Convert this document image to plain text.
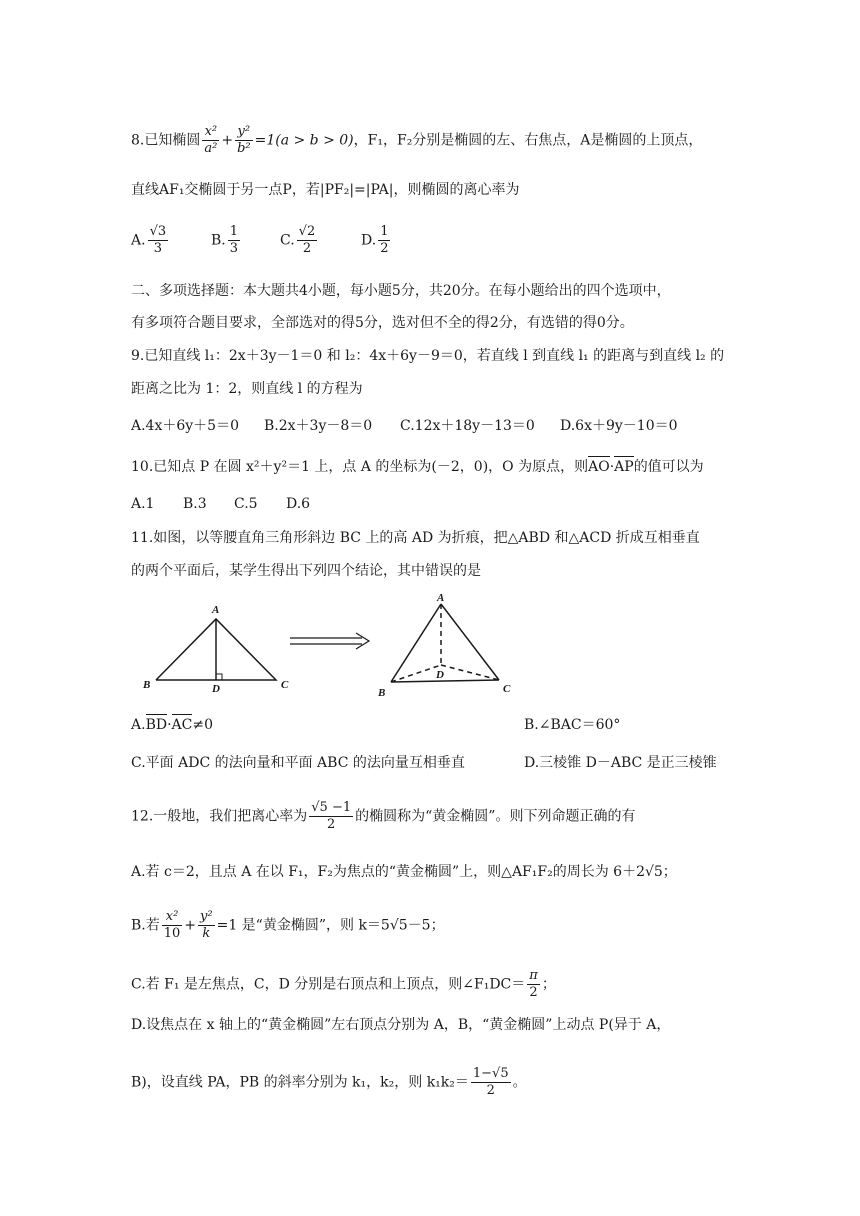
8.已知椭圆 $\frac{\text{x²}}{\text{a²}} + \frac{\text{y²}}{\text{b²}} =1(a > b > 0)$，F₁，F₂分别是椭圆的左、右焦点，A是椭圆的上顶点，
直线AF₁交椭圆于另一点P，若|PF₂|=|PA|，则椭圆的离心率为
A. $\frac{√3}{3}$	B. $\frac{1}{3}$	C. $\frac{√2}{2}$	D. $\frac{1}{2}$
二、多项选择题：本大题共4小题，每小题5分，共20分。在每小题给出的四个选项中，
有多项符合题目要求，全部选对的得5分，选对但不全的得2分，有选错的得0分。
9.已知直线 l₁：2x＋3y－1＝0 和 l₂：4x＋6y－9＝0，若直线 l 到直线 l₁ 的距离与到直线 l₂ 的
距离之比为 1：2，则直线 l 的方程为
A.4x＋6y＋5＝0 B.2x＋3y－8＝0 C.12x＋18y－13＝0 D.6x＋9y－10＝0
10.已知点 P 在圆 x²＋y²＝1 上，点 A 的坐标为(－2，0)，O 为原点，则AO·AP的值可以为
A.1 B.3 C.5 D.6
11.如图，以等腰直角三角形斜边 BC 上的高 AD 为折痕，把△ABD 和△ACD 折成互相垂直
的两个平面后，某学生得出下列四个结论，其中错误的是
A
B	C
D
A
B	C
D
A.BD·AC≠0	B.∠BAC＝60°
C.平面 ADC 的法向量和平面 ABC 的法向量互相垂直	D.三棱锥 D－ABC 是正三棱锥
12.一般地，我们把离心率为 $\frac{√5 -1}{2}$ 的椭圆称为“黄金椭圆”。则下列命题正确的有
A.若 c＝2，且点 A 在以 F₁，F₂为焦点的“黄金椭圆”上，则△AF₁F₂的周长为 6＋2√5；
B.若 $\frac{\text{x²}}{10} + \frac{\text{y²}}{k} =1$ 是“黄金椭圆”，则 k＝5√5－5；
C.若 F₁ 是左焦点，C，D 分别是右顶点和上顶点，则∠F₁DC＝ $\frac{\pi}{2}$ ；
D.设焦点在 x 轴上的“黄金椭圆”左右顶点分别为 A，B，“黄金椭圆”上动点 P(异于 A，
B)，设直线 PA，PB 的斜率分别为 k₁，k₂，则 $k_1k_2= \frac{1-√5}{2}$ 。
